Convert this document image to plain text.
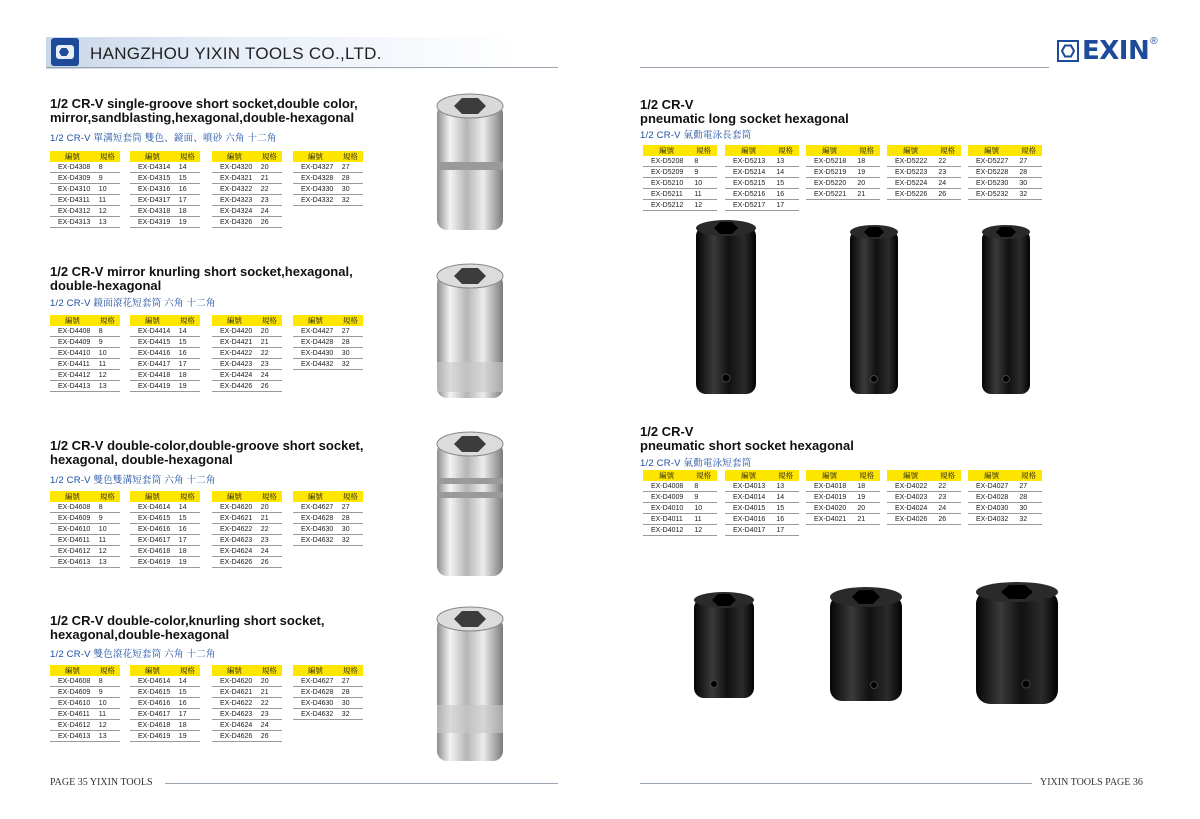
HANGZHOU YIXIN TOOLS CO.,LTD.	EXIN ®
1/2 CR-V single-groove short socket,double color,
mirror,sandblasting,hexagonal,double-hexagonal
1/2 CR-V 單溝短套筒 雙色、鏡面、噴砂 六角 十二角
編號	規格
EX-D4308	8
EX-D4309	9
EX-D4310	10
EX-D4311	11
EX-D4312	12
EX-D4313	13
編號	規格
EX-D4314	14
EX-D4315	15
EX-D4316	16
EX-D4317	17
EX-D4318	18
EX-D4319	19
編號	規格
EX-D4320	20
EX-D4321	21
EX-D4322	22
EX-D4323	23
EX-D4324	24
EX-D4326	26
編號	規格
EX-D4327	27
EX-D4328	28
EX-D4330	30
EX-D4332	32
1/2 CR-V mirror knurling short socket,hexagonal,
double-hexagonal
1/2 CR-V 鏡面滾花短套筒 六角 十二角
編號	規格
EX-D4408	8
EX-D4409	9
EX-D4410	10
EX-D4411	11
EX-D4412	12
EX-D4413	13
編號	規格
EX-D4414	14
EX-D4415	15
EX-D4416	16
EX-D4417	17
EX-D4418	18
EX-D4419	19
編號	規格
EX-D4420	20
EX-D4421	21
EX-D4422	22
EX-D4423	23
EX-D4424	24
EX-D4426	26
編號	規格
EX-D4427	27
EX-D4428	28
EX-D4430	30
EX-D4432	32
1/2 CR-V double-color,double-groove short socket,
hexagonal, double-hexagonal
1/2 CR-V 雙色雙溝短套筒 六角 十二角
編號	規格
EX-D4608	8
EX-D4609	9
EX-D4610	10
EX-D4611	11
EX-D4612	12
EX-D4613	13
編號	規格
EX-D4614	14
EX-D4615	15
EX-D4616	16
EX-D4617	17
EX-D4618	18
EX-D4619	19
編號	規格
EX-D4620	20
EX-D4621	21
EX-D4622	22
EX-D4623	23
EX-D4624	24
EX-D4626	26
編號	規格
EX-D4627	27
EX-D4628	28
EX-D4630	30
EX-D4632	32
1/2 CR-V double-color,knurling short socket,
hexagonal,double-hexagonal
1/2 CR-V 雙色滾花短套筒 六角 十二角
編號	規格
EX-D4608	8
EX-D4609	9
EX-D4610	10
EX-D4611	11
EX-D4612	12
EX-D4613	13
編號	規格
EX-D4614	14
EX-D4615	15
EX-D4616	16
EX-D4617	17
EX-D4618	18
EX-D4619	19
編號	規格
EX-D4620	20
EX-D4621	21
EX-D4622	22
EX-D4623	23
EX-D4624	24
EX-D4626	26
編號	規格
EX-D4627	27
EX-D4628	28
EX-D4630	30
EX-D4632	32
1/2 CR-V
pneumatic long socket hexagonal
1/2 CR-V 氣動電泳長套筒
編號	規格
EX-D5208	8
EX-D5209	9
EX-D5210	10
EX-D5211	11
EX-D5212	12
編號	規格
EX-D5213	13
EX-D5214	14
EX-D5215	15
EX-D5216	16
EX-D5217	17
編號	規格
EX-D5218	18
EX-D5219	19
EX-D5220	20
EX-D5221	21
編號	規格
EX-D5222	22
EX-D5223	23
EX-D5224	24
EX-D5226	26
編號	規格
EX-D5227	27
EX-D5228	28
EX-D5230	30
EX-D5232	32
1/2 CR-V
pneumatic short socket hexagonal
1/2 CR-V 氣動電泳短套筒
編號	規格
EX-D4008	8
EX-D4009	9
EX-D4010	10
EX-D4011	11
EX-D4012	12
編號	規格
EX-D4013	13
EX-D4014	14
EX-D4015	15
EX-D4016	16
EX-D4017	17
編號	規格
EX-D4018	18
EX-D4019	19
EX-D4020	20
EX-D4021	21
編號	規格
EX-D4022	22
EX-D4023	23
EX-D4024	24
EX-D4026	26
編號	規格
EX-D4027	27
EX-D4028	28
EX-D4030	30
EX-D4032	32
PAGE 35 YIXIN TOOLS	YIXIN TOOLS PAGE 36
